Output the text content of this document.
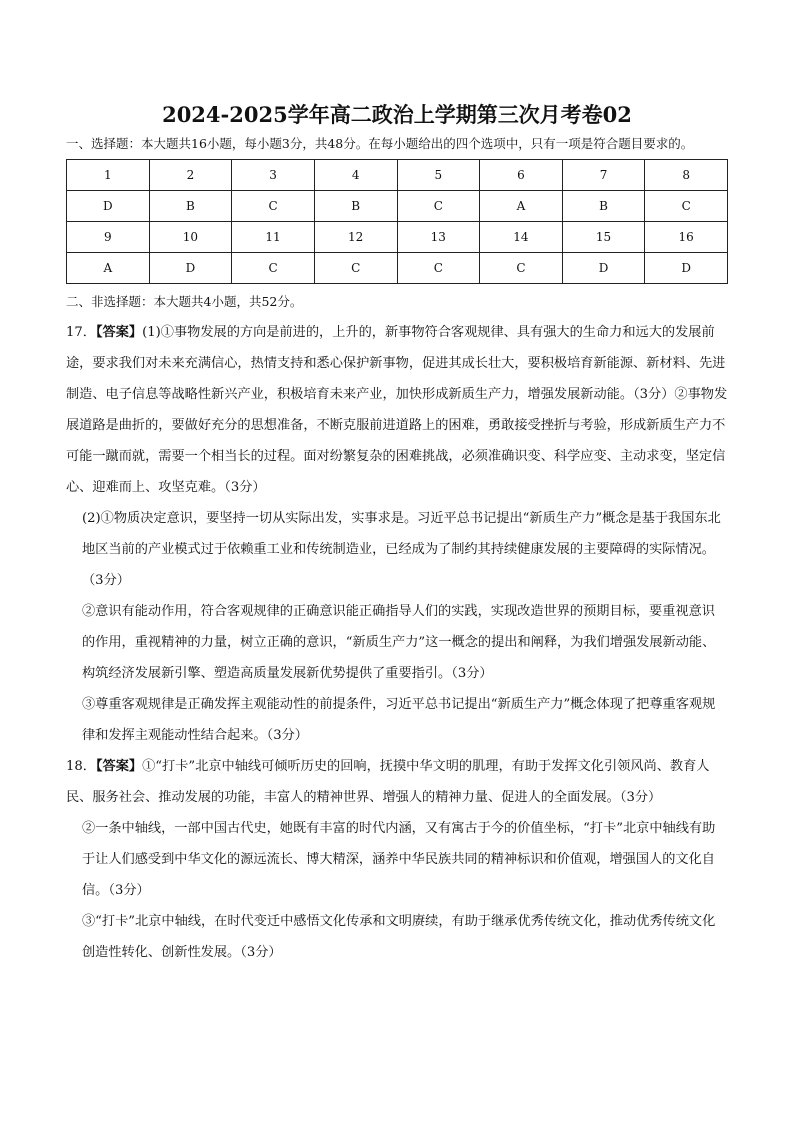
2024-2025学年高二政治上学期第三次月考卷02

一、选择题：本大题共16小题，每小题3分，共48分。在每小题给出的四个选项中，只有一项是符合题目要求的。

1	2	3	4	5	6	7	8
D	B	C	B	C	A	B	C
9	10	11	12	13	14	15	16
A	D	C	C	C	C	D	D

二、非选择题：本大题共4小题，共52分。

17．【答案】(1)①事物发展的方向是前进的，上升的，新事物符合客观规律、具有强大的生命力和远大的发展前途，要求我们对未来充满信心，热情支持和悉心保护新事物，促进其成长壮大，要积极培育新能源、新材料、先进制造、电子信息等战略性新兴产业，积极培育未来产业，加快形成新质生产力，增强发展新动能。（3分）②事物发展道路是曲折的，要做好充分的思想准备，不断克服前进道路上的困难，勇敢接受挫折与考验，形成新质生产力不可能一蹴而就，需要一个相当长的过程。面对纷繁复杂的困难挑战，必须准确识变、科学应变、主动求变，坚定信心、迎难而上、攻坚克难。（3分）

(2)①物质决定意识，要坚持一切从实际出发，实事求是。习近平总书记提出“新质生产力”概念是基于我国东北地区当前的产业模式过于依赖重工业和传统制造业，已经成为了制约其持续健康发展的主要障碍的实际情况。（3分）

②意识有能动作用，符合客观规律的正确意识能正确指导人们的实践，实现改造世界的预期目标，要重视意识的作用，重视精神的力量，树立正确的意识，“新质生产力”这一概念的提出和阐释，为我们增强发展新动能、构筑经济发展新引擎、塑造高质量发展新优势提供了重要指引。（3分）

③尊重客观规律是正确发挥主观能动性的前提条件，习近平总书记提出“新质生产力”概念体现了把尊重客观规律和发挥主观能动性结合起来。（3分）

18．【答案】①“打卡”北京中轴线可倾听历史的回响，抚摸中华文明的肌理，有助于发挥文化引领风尚、教育人民、服务社会、推动发展的功能，丰富人的精神世界、增强人的精神力量、促进人的全面发展。（3分）

②一条中轴线，一部中国古代史，她既有丰富的时代内涵，又有寓古于今的价值坐标，“打卡”北京中轴线有助于让人们感受到中华文化的源远流长、博大精深，涵养中华民族共同的精神标识和价值观，增强国人的文化自信。（3分）

③“打卡”北京中轴线，在时代变迁中感悟文化传承和文明赓续，有助于继承优秀传统文化，推动优秀传统文化创造性转化、创新性发展。（3分）
